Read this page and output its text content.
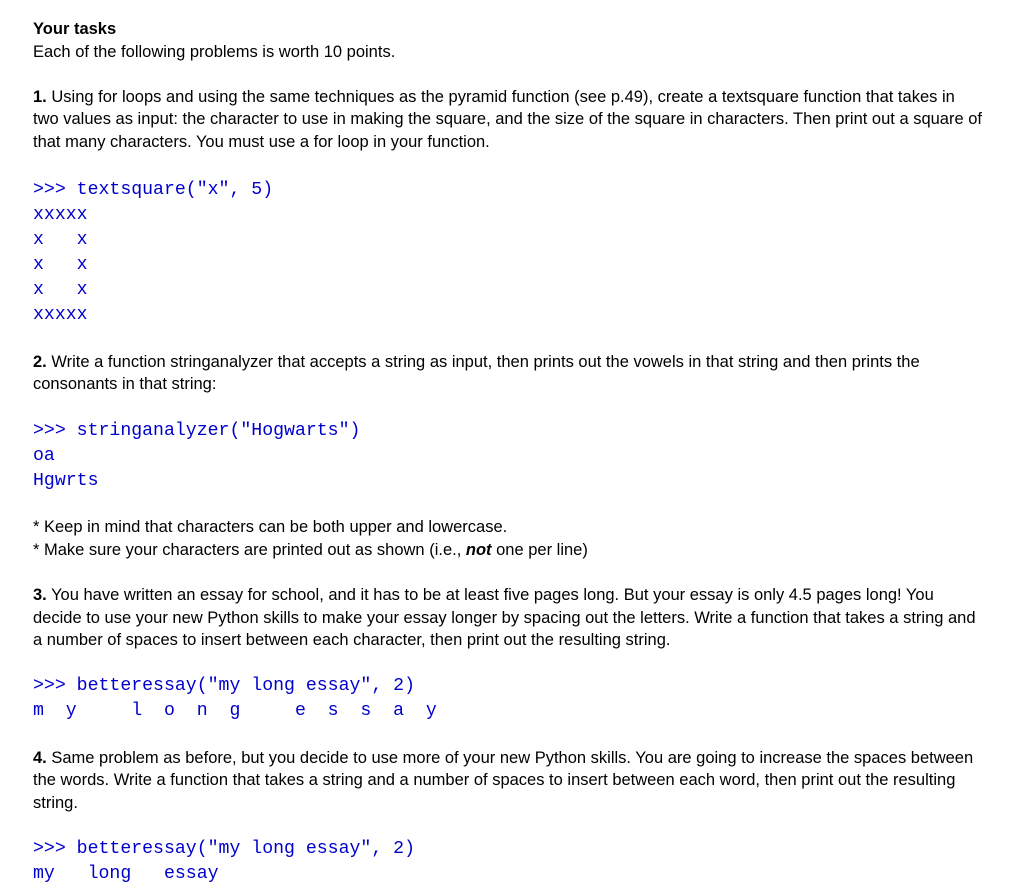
Your tasks

Each of the following problems is worth 10 points.

1. Using for loops and using the same techniques as the pyramid function (see p.49), create a textsquare function that takes in two values as input: the character to use in making the square, and the size of the square in characters. Then print out a square of that many characters. You must use a for loop in your function.

>>> textsquare("x", 5)

xxxxx

x   x

x   x

x   x

xxxxx

2. Write a function stringanalyzer that accepts a string as input, then prints out the vowels in that string and then prints the consonants in that string:

>>> stringanalyzer("Hogwarts")

oa

Hgwrts

* Keep in mind that characters can be both upper and lowercase.

* Make sure your characters are printed out as shown (i.e., not one per line)

3. You have written an essay for school, and it has to be at least five pages long. But your essay is only 4.5 pages long! You decide to use your new Python skills to make your essay longer by spacing out the letters. Write a function that takes a string and a number of spaces to insert between each character, then print out the resulting string.

>>> betteressay("my long essay", 2)

m  y     l  o  n  g     e  s  s  a  y

4. Same problem as before, but you decide to use more of your new Python skills. You are going to increase the spaces between the words. Write a function that takes a string and a number of spaces to insert between each word, then print out the resulting string.

>>> betteressay("my long essay", 2)

my   long   essay
